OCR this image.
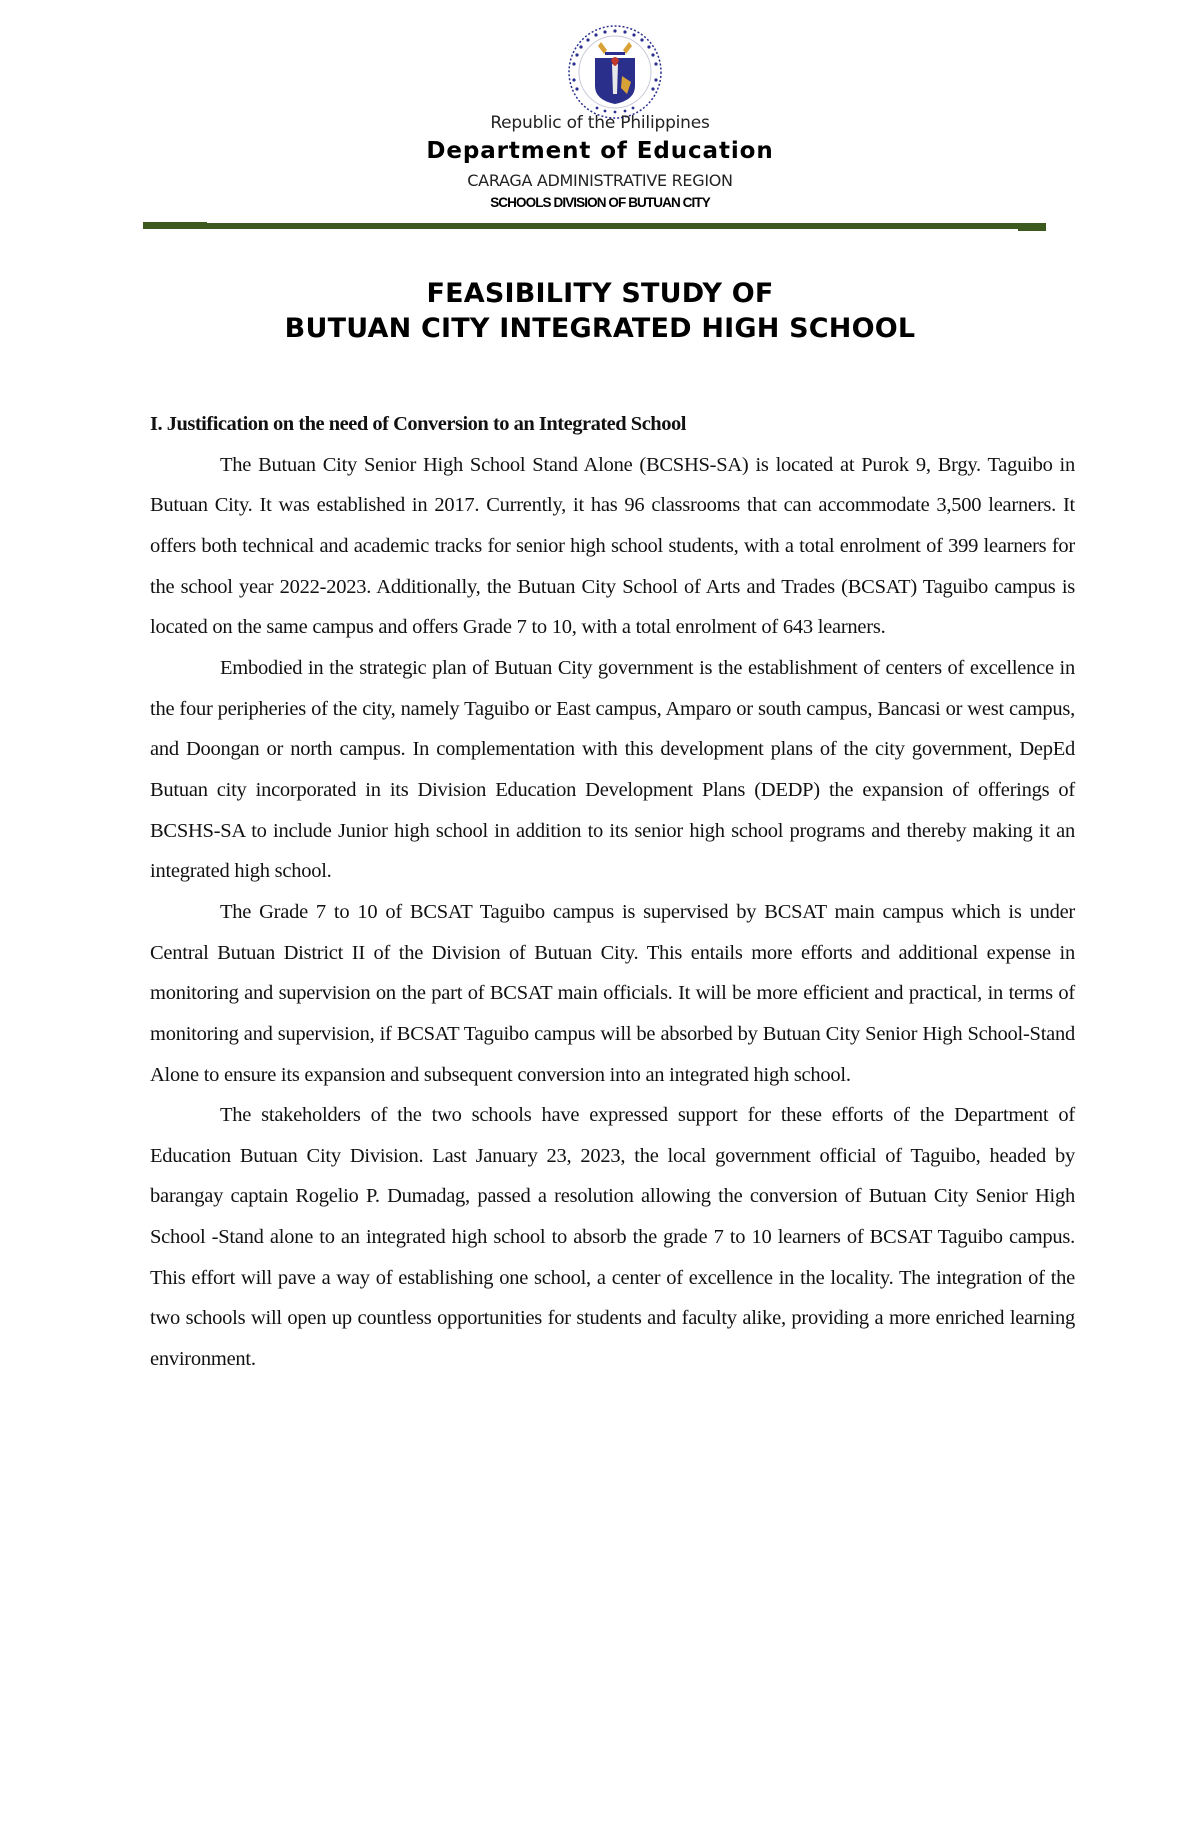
Republic of the Philippines
Department of Education
CARAGA ADMINISTRATIVE REGION
SCHOOLS DIVISION OF BUTUAN CITY
FEASIBILITY STUDY OF
BUTUAN CITY INTEGRATED HIGH SCHOOL
I. Justification on the need of Conversion to an Integrated School

The Butuan City Senior High School Stand Alone (BCSHS-SA) is located at Purok 9, Brgy. Taguibo in Butuan City. It was established in 2017. Currently, it has 96 classrooms that can accommodate 3,500 learners. It offers both technical and academic tracks for senior high school students, with a total enrolment of 399 learners for the school year 2022-2023. Additionally, the Butuan City School of Arts and Trades (BCSAT) Taguibo campus is located on the same campus and offers Grade 7 to 10, with a total enrolment of 643 learners.

Embodied in the strategic plan of Butuan City government is the establishment of centers of excellence in the four peripheries of the city, namely Taguibo or East campus, Amparo or south campus, Bancasi or west campus, and Doongan or north campus. In complementation with this development plans of the city government, DepEd Butuan city incorporated in its Division Education Development Plans (DEDP) the expansion of offerings of BCSHS-SA to include Junior high school in addition to its senior high school programs and thereby making it an integrated high school.

The Grade 7 to 10 of BCSAT Taguibo campus is supervised by BCSAT main campus which is under Central Butuan District II of the Division of Butuan City. This entails more efforts and additional expense in monitoring and supervision on the part of BCSAT main officials. It will be more efficient and practical, in terms of monitoring and supervision, if BCSAT Taguibo campus will be absorbed by Butuan City Senior High School-Stand Alone to ensure its expansion and subsequent conversion into an integrated high school.

The stakeholders of the two schools have expressed support for these efforts of the Department of Education Butuan City Division. Last January 23, 2023, the local government official of Taguibo, headed by barangay captain Rogelio P. Dumadag, passed a resolution allowing the conversion of Butuan City Senior High School -Stand alone to an integrated high school to absorb the grade 7 to 10 learners of BCSAT Taguibo campus. This effort will pave a way of establishing one school, a center of excellence in the locality. The integration of the two schools will open up countless opportunities for students and faculty alike, providing a more enriched learning environment.
